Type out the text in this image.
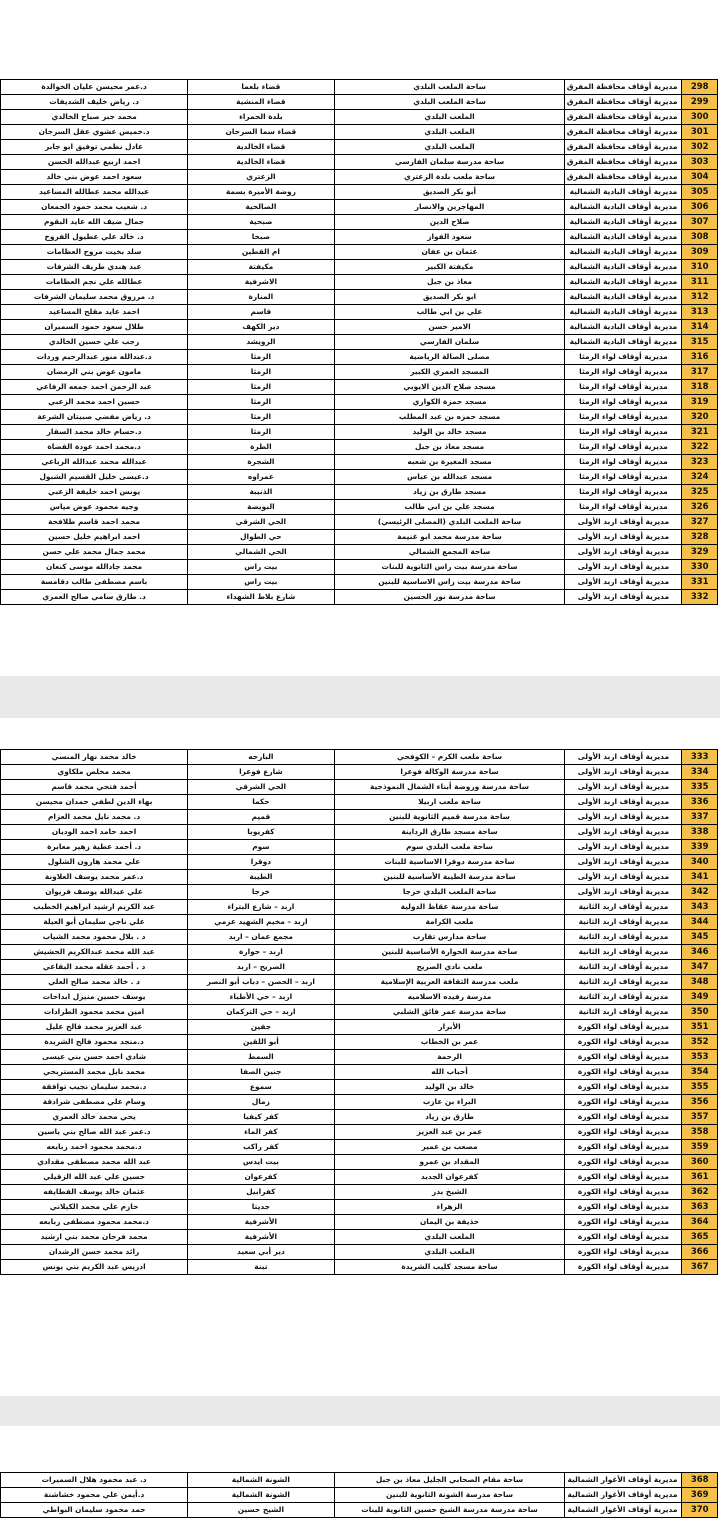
298	مديرية أوقاف محافظة المفرق	ساحة الملعب البلدي	قضاء بلعما	د.عمر محيسن عليان الخوالدة
299	مديرية أوقاف محافظة المفرق	ساحة الملعب البلدي	قضاء المنشية	د. رياض خليف الشديفات
300	مديرية أوقاف محافظة المفرق	الملعب البلدي	بلدة الحمراء	محمد جبر صباح الخالدي
301	مديرية أوقاف محافظة المفرق	الملعب البلدي	قضاء سما السرحان	د.خميس عشوي عقل السرحان
302	مديرية أوقاف محافظة المفرق	الملعب البلدي	قضاء الخالدية	عادل نظمي توفيق ابو جابر
303	مديرية أوقاف محافظة المفرق	ساحة مدرسة سلمان الفارسي	قضاء الخالدية	احمد اربيع عبدالله الحسن
304	مديرية أوقاف محافظة المفرق	ساحة ملعب بلدة الزعتري	الزعتري	سعود احمد عوض بني خالد
305	مديرية أوقاف البادية الشمالية	أبو بكر الصديق	روضة الأميرة بسمة	عبدالله محمد عطالله المساعيد
306	مديرية أوقاف البادية الشمالية	المهاجرين والانصار	الصالحية	د. شعيب محمد حمود الجمعان
307	مديرية أوقاف البادية الشمالية	صلاح الدين	صبحية	جمال ضيف الله عايد البقوم
308	مديرية أوقاف البادية الشمالية	سعود الفواز	صبحا	د. خالد علي عطيول الفروخ
309	مديرية أوقاف البادية الشمالية	عثمان بن عفان	ام القطين	سلد بخيت مروح العظامات
310	مديرية أوقاف البادية الشمالية	مكيفتة الكبير	مكيفتة	عبد هندي طريف الشرفات
311	مديرية أوقاف البادية الشمالية	معاذ بن جبل	الاشرفية	عطالله علي نجم العظامات
312	مديرية أوقاف البادية الشمالية	ابو بكر الصديق	المنارة	د. مرزوق محمد سليمان الشرفات
313	مديرية أوقاف البادية الشمالية	علي بن ابي طالب	قاسم	احمد عايد مقلح المساعيد
314	مديرية أوقاف البادية الشمالية	الامير حسن	دير الكهف	طلال سعود حمود السميران
315	مديرية أوقاف البادية الشمالية	سلمان الفارسي	الرويشد	رجب علي حسين الخالدي
316	مديرية أوقاف لواء الرمثا	مصلى الصالة الرياضية	الرمثا	د.عبدالله منور عبدالرحيم وردات
317	مديرية أوقاف لواء الرمثا	المسجد العمري الكبير	الرمثا	مامون عوض بني الرمضان
318	مديرية أوقاف لواء الرمثا	مسجد صلاح الدين الايوبي	الرمثا	عبد الرحمن احمد جمعه الرفاعي
319	مديرية أوقاف لواء الرمثا	مسجد حمزة الكواري	الرمثا	حسين احمد محمد الزعبي
320	مديرية أوقاف لواء الرمثا	مسجد حمزه بن عبد المطلب	الرمثا	د. رياض مفضي صبيتان الشرعة
321	مديرية أوقاف لواء الرمثا	مسجد خالد بن الوليد	الرمثا	د.حسام خالد محمد السقار
322	مديرية أوقاف لواء الرمثا	مسجد معاذ بن جبل	الطرة	د.محمد احمد عودة القضاة
323	مديرية أوقاف لواء الرمثا	مسجد المغيرة بن شعبه	الشجرة	عبدالله محمد عبدالله الرباعي
324	مديرية أوقاف لواء الرمثا	مسجد عبدالله بن عباس	عمراوه	د.عيسى خليل القسيم الشبول
325	مديرية أوقاف لواء الرمثا	مسجد طارق بن زياد	الذنيبة	يونس احمد خليفة الزعبي
326	مديرية أوقاف لواء الرمثا	مسجد علي بن ابي طالب	البويضة	وجيه محمود عوض مياس
327	مديرية أوقاف اربد الأولى	ساحة الملعب البلدي (المصلى الرئيسي)	الحي الشرقي	محمد احمد قاسم طلافحة
328	مديرية أوقاف اربد الأولى	ساحة مدرسة محمد ابو غنيمة	حي الطوال	احمد ابراهيم خليل حسين
329	مديرية أوقاف اربد الأولى	ساحة المجمع الشمالي	الحي الشمالي	محمد جمال محمد علي حسن
330	مديرية أوقاف اربد الأولى	ساحة مدرسة بيت راس الثانوية للبنات	بيت راس	محمد جادالله موسى كنعان
331	مديرية أوقاف اربد الأولى	ساحة مدرسة بيت راس الاساسية للبنين	بيت راس	باسم مصطفى طالب دقامسة
332	مديرية أوقاف اربد الأولى	ساحة مدرسة نور الحسين	شارع بلاط الشهداء	د. طارق سامي صالح العمري
333	مديرية أوقاف اربد الأولى	ساحة ملعب الكرم – الكوفحي	البارحه	خالد محمد نهار المنسي
334	مديرية أوقاف اربد الأولى	ساحة مدرسة الوكالة فوعرا	شارع فوعرا	محمد مخلص ملكاوي
335	مديرية أوقاف اربد الأولى	ساحة مدرسة وروضة أبناء الشمال النموذجية	الحي الشرقي	أحمد فتحي محمد قاسم
336	مديرية أوقاف اربد الأولى	ساحة ملعب اربيلا	حكما	بهاء الدين لطفي حمدان محيسن
337	مديرية أوقاف اربد الأولى	ساحة مدرسة قميم الثانوية للبنين	قميم	د. محمد نايل محمد العزام
338	مديرية أوقاف اربد الأولى	ساحة مسجد طارق الرداينة	كفريوبا	احمد حامد احمد الوديان
339	مديرية أوقاف اربد الأولى	ساحة ملعب البلدي سوم	سوم	د. أحمد عطية زهير معابرة
340	مديرية أوقاف اربد الأولى	ساحة مدرسة دوقرا الاساسية للبنات	دوقرا	علي محمد هارون الشلول
341	مديرية أوقاف اربد الأولى	ساحة مدرسة الطيبة الأساسية للبنين	الطيبة	د.عمر محمد يوسف العلاونة
342	مديرية أوقاف اربد الأولى	ساحة الملعب البلدي خرجا	خرجا	علي عبدالله يوسف فريوان
343	مديرية أوقاف اربد الثانية	ساحة مدرسة عقاظ الدولية	اربد – شارع البتراء	عبد الكريم ارشيد ابراهيم الخطيب
344	مديرية أوقاف اربد الثانية	ملعب الكرامة	اربد – مخيم الشهيد عزمي	علي ناجي سليمان أبو العيلة
345	مديرية أوقاف اربد الثانية	ساحة مدارس تقارب	مجمع عمان – اربد	د . بلال محمود محمد الشياب
346	مديرية أوقاف اربد الثانية	ساحة مدرسة الحوارة الأساسية للبنين	اربد – حوارة	عبد الله محمد عبدالكريم الحشيش
347	مديرية أوقاف اربد الثانية	ملعب نادي الصريح	الصريح – اربد	د . أحمد عقله محمد البقاعي
348	مديرية أوقاف اربد الثانية	ملعب مدرسة الثقافة العربية الإسلامية	اربد – الحصن – دباب أبو النصر	د . خالد محمد صالح العلي
349	مديرية أوقاف اربد الثانية	مدرسة رفيده الاسلاميه	اربد – حي الأطباء	يوسف حسين منيزل ابداحات
350	مديرية أوقاف اربد الثانية	ساحة مدرسة عمر فائق الشلبي	اربد – حي التركمان	امين محمد محمود الطرادات
351	مديرية أوقاف لواء الكورة	الأبرار	جفين	عبد العزيز محمد فالح عليل
352	مديرية أوقاف لواء الكورة	عمر بن الخطاب	أبو اللقين	د.منجد محمود فالح الشريدة
353	مديرية أوقاف لواء الكورة	الرحمة	السمط	شادي احمد حسن بني عيسى
354	مديرية أوقاف لواء الكورة	أحباب الله	جنين الصفا	محمد نايل محمد المستريحي
355	مديرية أوقاف لواء الكورة	خالد بن الوليد	سموع	د.محمد سليمان نجيب توافقة
356	مديرية أوقاف لواء الكورة	البراء بن عازب	زمال	وسام علي مصطفى شرادقة
357	مديرية أوقاف لواء الكورة	طارق بن زياد	كفر كيفيا	يحي محمد خالد العمري
358	مديرية أوقاف لواء الكورة	عمر بن عبد العزيز	كفر الماء	د.عمر عبد الله صالح بني ياسين
359	مديرية أوقاف لواء الكورة	مصعب بن عمير	كفر راكب	د.محمد محمود احمد ربابعه
360	مديرية أوقاف لواء الكورة	المقداد بن عمرو	بيت ايدس	عبد الله محمد مصطفى مقدادي
361	مديرية أوقاف لواء الكورة	كفرعوان الجديد	كفرعوان	حسين علي عبد الله الزقيلي
362	مديرية أوقاف لواء الكورة	الشيخ بدر	كفرابيل	عثمان خالد يوسف القطايفه
363	مديرية أوقاف لواء الكورة	الزهراء	جديتا	حازم علي محمد الكيلاني
364	مديرية أوقاف لواء الكورة	حذيفة بن اليمان	الأشرفية	د.محمد محمود مصطفى ربابعه
365	مديرية أوقاف لواء الكورة	الملعب البلدي	الأشرفية	محمد فرحان محمد بني ارشيد
366	مديرية أوقاف لواء الكورة	الملعب البلدي	دير أبي سعيد	رائد محمد حسن الرشدان
367	مديرية أوقاف لواء الكورة	ساحة مسجد كليب الشريدة	تبنة	ادريس عبد الكريم بني يونس
368	مديرية أوقاف الأغوار الشمالية	ساحة مقام الصحابي الجليل معاذ بن جبل	الشونة الشمالية	د. عبد محمود هلال السميرات
369	مديرية أوقاف الأغوار الشمالية	ساحة مدرسة الشونة الثانوية للبنين	الشونة الشمالية	د.أيمن علي محمود خشاشنة
370	مديرية أوقاف الأغوار الشمالية	ساحة مدرسة مدرسة الشيخ حسين الثانوية للبنات	الشيخ حسين	حمد محمود سليمان البواطي
